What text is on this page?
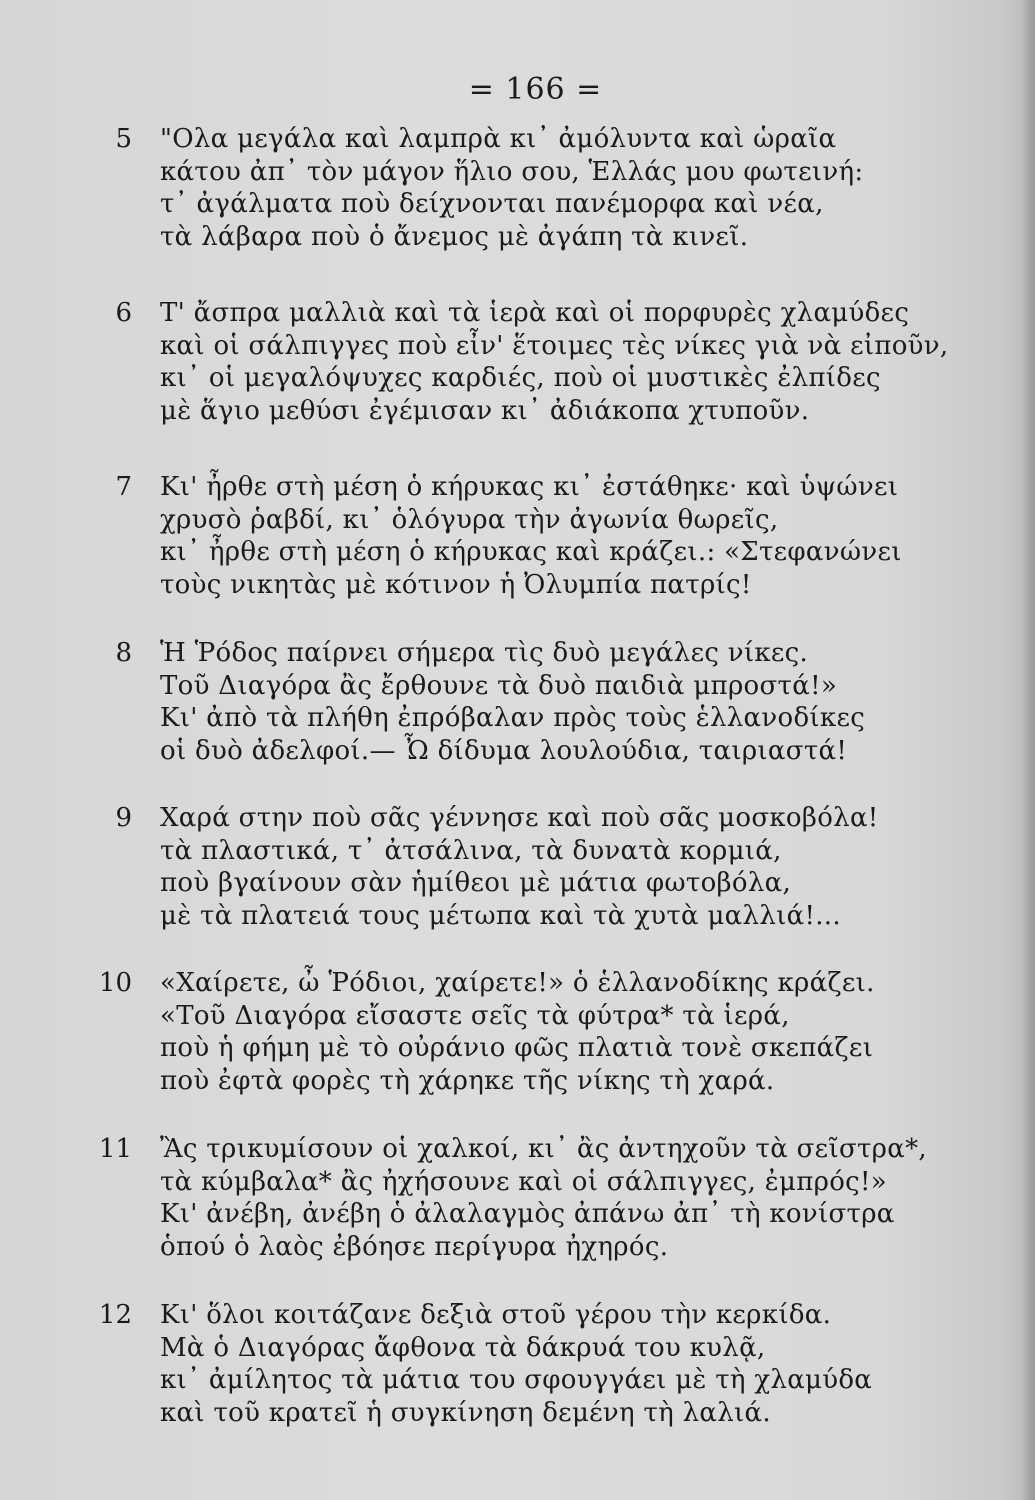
= 166 =
5 "Ολα μεγάλα καὶ λαμπρὰ κι᾽ ἀμόλυντα καὶ ὡραῖα
κάτου ἀπ᾽ τὸν μάγον ἥλιο σου, Ἑλλάς μου φωτεινή:
τ᾽ ἀγάλματα ποὺ δείχνονται πανέμορφα καὶ νέα,
τὰ λάβαρα ποὺ ὁ ἄνεμος μὲ ἀγάπη τὰ κινεῖ.
6 Τ' ἄσπρα μαλλιὰ καὶ τὰ ἱερὰ καὶ οἱ πορφυρὲς χλαμύδες
καὶ οἱ σάλπιγγες ποὺ εἶν' ἕτοιμες τὲς νίκες γιὰ νὰ εἰποῦν,
κι᾽ οἱ μεγαλόψυχες καρδιές, ποὺ οἱ μυστικὲς ἐλπίδες
μὲ ἅγιο μεθύσι ἐγέμισαν κι᾽ ἀδιάκοπα χτυποῦν.
7 Κι' ἦρθε στὴ μέση ὁ κήρυκας κι᾽ ἐστάθηκε· καὶ ὑψώνει
χρυσὸ ῥαβδί, κι᾽ ὁλόγυρα τὴν ἀγωνία θωρεῖς,
κι᾽ ἦρθε στὴ μέση ὁ κήρυκας καὶ κράζει.: «Στεφανώνει
τοὺς νικητὰς μὲ κότινον ἡ Ὀλυμπία πατρίς!
8 Ἡ Ῥόδος παίρνει σήμερα τὶς δυὸ μεγάλες νίκες.
Τοῦ Διαγόρα ἂς ἔρθουνε τὰ δυὸ παιδιὰ μπροστά!»
Κι' ἀπὸ τὰ πλήθη ἐπρόβαλαν πρὸς τοὺς ἑλλανοδίκες
οἱ δυὸ ἀδελφοί.— Ὦ δίδυμα λουλούδια, ταιριαστά!
9 Χαρά στην ποὺ σᾶς γέννησε καὶ ποὺ σᾶς μοσκοβόλα!
τὰ πλαστικά, τ᾽ ἀτσάλινα, τὰ δυνατὰ κορμιά,
ποὺ βγαίνουν σὰν ἡμίθεοι μὲ μάτια φωτοβόλα,
μὲ τὰ πλατειά τους μέτωπα καὶ τὰ χυτὰ μαλλιά!...
10 «Χαίρετε, ὦ Ῥόδιοι, χαίρετε!» ὁ ἑλλανοδίκης κράζει.
«Τοῦ Διαγόρα εἴσαστε σεῖς τὰ φύτρα* τὰ ἱερά,
ποὺ ἡ φήμη μὲ τὸ οὐράνιο φῶς πλατιὰ τονὲ σκεπάζει
ποὺ ἐφτὰ φορὲς τὴ χάρηκε τῆς νίκης τὴ χαρά.
11 Ἂς τρικυμίσουν οἱ χαλκοί, κι᾽ ἂς ἀντηχοῦν τὰ σεῖστρα*,
τὰ κύμβαλα* ἂς ἠχήσουνε καὶ οἱ σάλπιγγες, ἐμπρός!»
Κι' ἀνέβη, ἀνέβη ὁ ἀλαλαγμὸς ἀπάνω ἀπ᾽ τὴ κονίστρα
ὁπού ὁ λαὸς ἐβόησε περίγυρα ἠχηρός.
12 Κι' ὅλοι κοιτάζανε δεξιὰ στοῦ γέρου τὴν κερκίδα.
Μὰ ὁ Διαγόρας ἄφθονα τὰ δάκρυά του κυλᾷ,
κι᾽ ἀμίλητος τὰ μάτια του σφουγγάει μὲ τὴ χλαμύδα
καὶ τοῦ κρατεῖ ἡ συγκίνηση δεμένη τὴ λαλιά.
